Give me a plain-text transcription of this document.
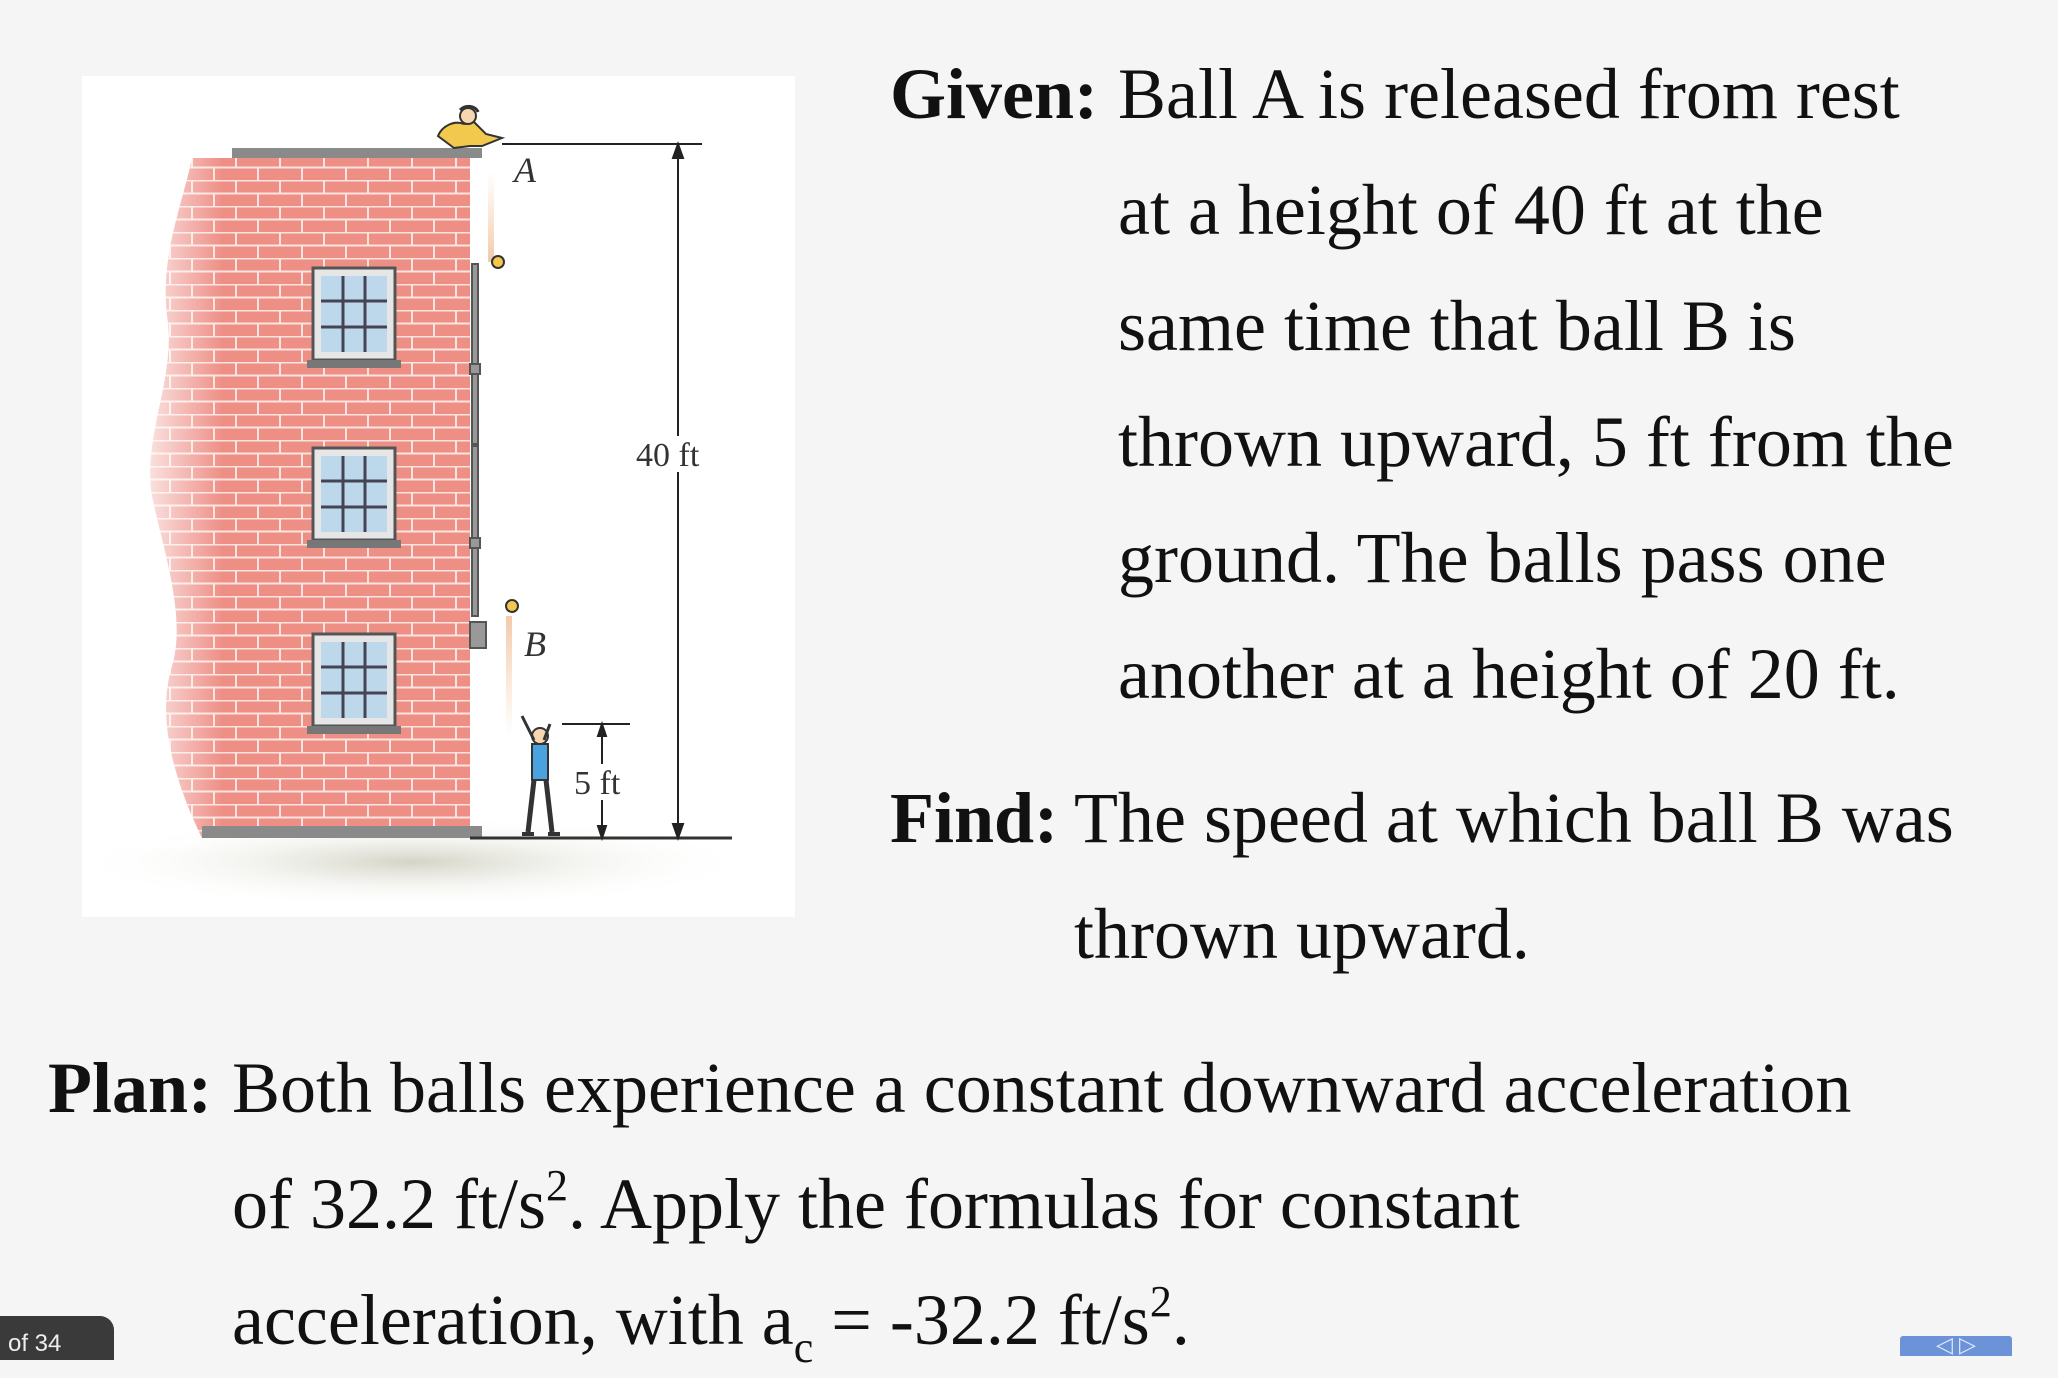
40 ft
5 ft
A
B
Given: Ball A is released from rest
at a height of 40 ft at the
same time that ball B is
thrown upward, 5 ft from the
ground. The balls pass one
another at a height of 20 ft.
Find: The speed at which ball B was
thrown upward.
Plan: Both balls experience a constant downward acceleration
of 32.2 $ft/s^2$. Apply the formulas for constant
acceleration, with $a_c = -32.2$ $ft/s^2$.
of 34	◁ ▷
